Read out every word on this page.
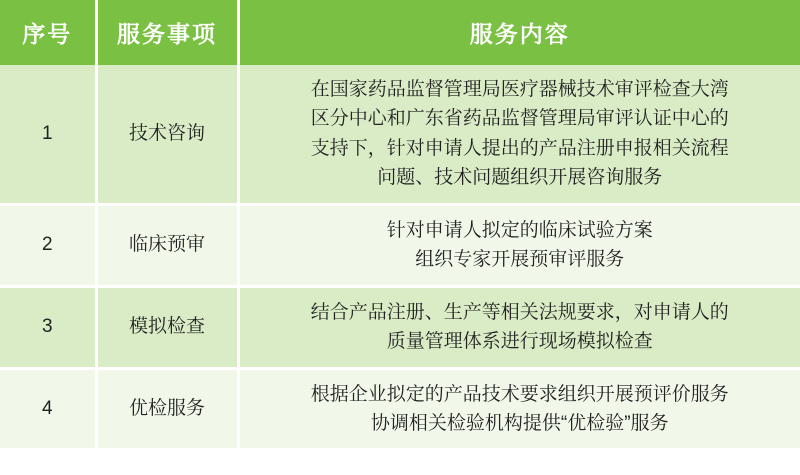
序号	服务事项	服务内容
1	技术咨询	在国家药品监督管理局医疗器械技术审评检查大湾
区分中心和广东省药品监督管理局审评认证中心的
支持下，针对申请人提出的产品注册申报相关流程
问题、技术问题组织开展咨询服务

2	临床预审	针对申请人拟定的临床试验方案
组织专家开展预审评服务

3	模拟检查	结合产品注册、生产等相关法规要求，对申请人的
质量管理体系进行现场模拟检查

4	优检服务	根据企业拟定的产品技术要求组织开展预评价服务
协调相关检验机构提供“优检验”服务
